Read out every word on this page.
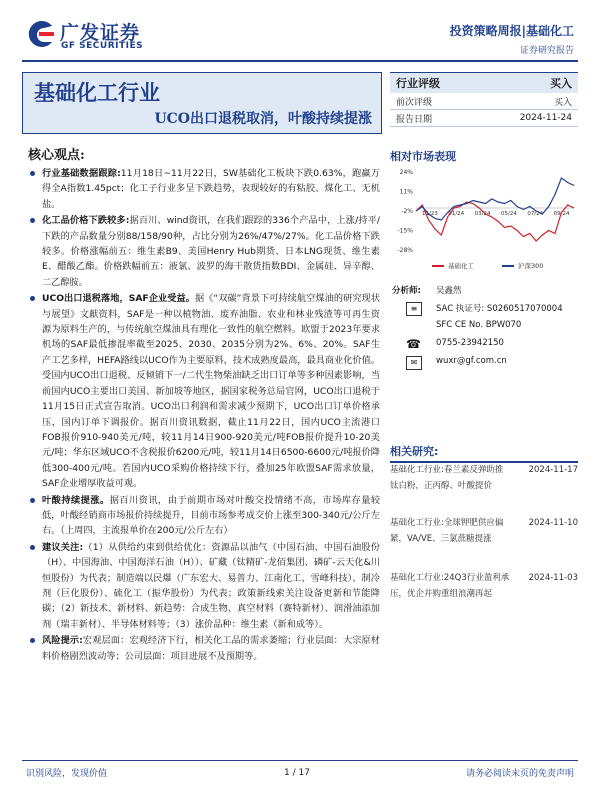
广发证券
GF SECURITIES
投资策略周报|基础化工
证券研究报告
基础化工行业
UCO出口退税取消，叶酸持续提涨
行业评级	买入
前次评级	买入
报告日期	2024-11-24
相对市场表现
24%
11%
-2%
-15%
-28%
11/23 01/24 03/24 05/24 07/24 09/24
基础化工	沪深300
分析师: 吴鑫然
≡	SAC 执证号: S0260517070004
SFC CE No. BPW070
☎ 0755-23942150
✉	wuxr@gf.com.cn
相关研究:
基础化工行业:春兰素反弹助推钛白粉，正丙醇、叶酸提价
2024-11-17
基础化工行业:全球钾肥供应偏紧，VA/VE、三氯蔗糖提涨
2024-11-10
基础化工行业:24Q3行业盈利承压，优企并购重组浪潮再起
2024-11-03
核心观点:

行业基础数据跟踪:11月18日~11月22日，SW基础化工板块下跌0.63%，跑赢万得全A指数1.45pct；化工子行业多呈下跌趋势，表现较好的有粘胶、煤化工、无机盐。

化工品价格下跌较多:据百川、wind资讯，在我们跟踪的336个产品中，上涨/持平/下跌的产品数量分别88/158/90种，占比分别为26%/47%/27%。化工品价格下跌较多。价格涨幅前五：维生素B9、美国Henry Hub期货、日本LNG现货、维生素E、醋酸乙酯。价格跌幅前五：液氯、波罗的海干散货指数BDI、金属硅、异辛醇、二乙醇胺。

UCO出口退税落地，SAF企业受益。据《“双碳”背景下可持续航空煤油的研究现状与展望》文献资料，SAF是一种以植物油、废弃油脂、农业和林业残渣等可再生资源为原料生产的，与传统航空煤油具有理化一致性的航空燃料。欧盟于2023年要求机场的SAF最低掺混率截至2025、2030、2035分别为2%、6%、20%。SAF生产工艺多样，HEFA路线以UCO作为主要原料，技术成熟度最高，最具商业化价值。受国内UCO出口退税、反倾销下一/二代生物柴油缺乏出口订单等多种因素影响，当前国内UCO主要出口美国、新加坡等地区，据国家税务总局官网，UCO出口退税于11月15日正式宣告取消。UCO出口利润和需求减少预期下，UCO出口订单价格承压，国内订单下调报价。据百川资讯数据，截止11月22日，国内UCO主流港口FOB报价910-940美元/吨，较11月14日900-920美元/吨FOB报价提升10-20美元/吨；华东区域UCO不含税报价6200元/吨，较11月14日6500-6600元/吨报价降低300-400元/吨。若国内UCO采购价格持续下行，叠加25年欧盟SAF需求放量，SAF企业增厚收益可观。

叶酸持续提涨。据百川资讯，由于前期市场对叶酸交投情绪不高，市场库存量较低，叶酸经销商市场报价持续提升，目前市场参考成交价上涨至300-340元/公斤左右。（上周四，主流报单价在200元/公斤左右）

建议关注:（1）从供给约束到供给优化：资源品以油气（中国石油、中国石油股份（H）、中国海油、中国海洋石油（H））、矿藏（钛精矿-龙佰集团、磷矿-云天化&川恒股份）为代表；制造端以民爆（广东宏大、易普力、江南化工、雪峰科技）、制冷剂（巨化股份）、硫化工（振华股份）为代表；政策新线索关注设备更新和节能降碳；（2）新技术、新材料、新趋势：合成生物、真空材料（赛特新材）、润滑油添加剂（瑞丰新材）、半导体材料等；（3）涨价品种：维生素（新和成等）。

风险提示:宏观层面：宏观经济下行，相关化工品的需求萎缩；行业层面：大宗原材料价格剧烈波动等；公司层面：项目进展不及预期等。

识别风险，发现价值	1 / 17	请务必阅读末页的免责声明
